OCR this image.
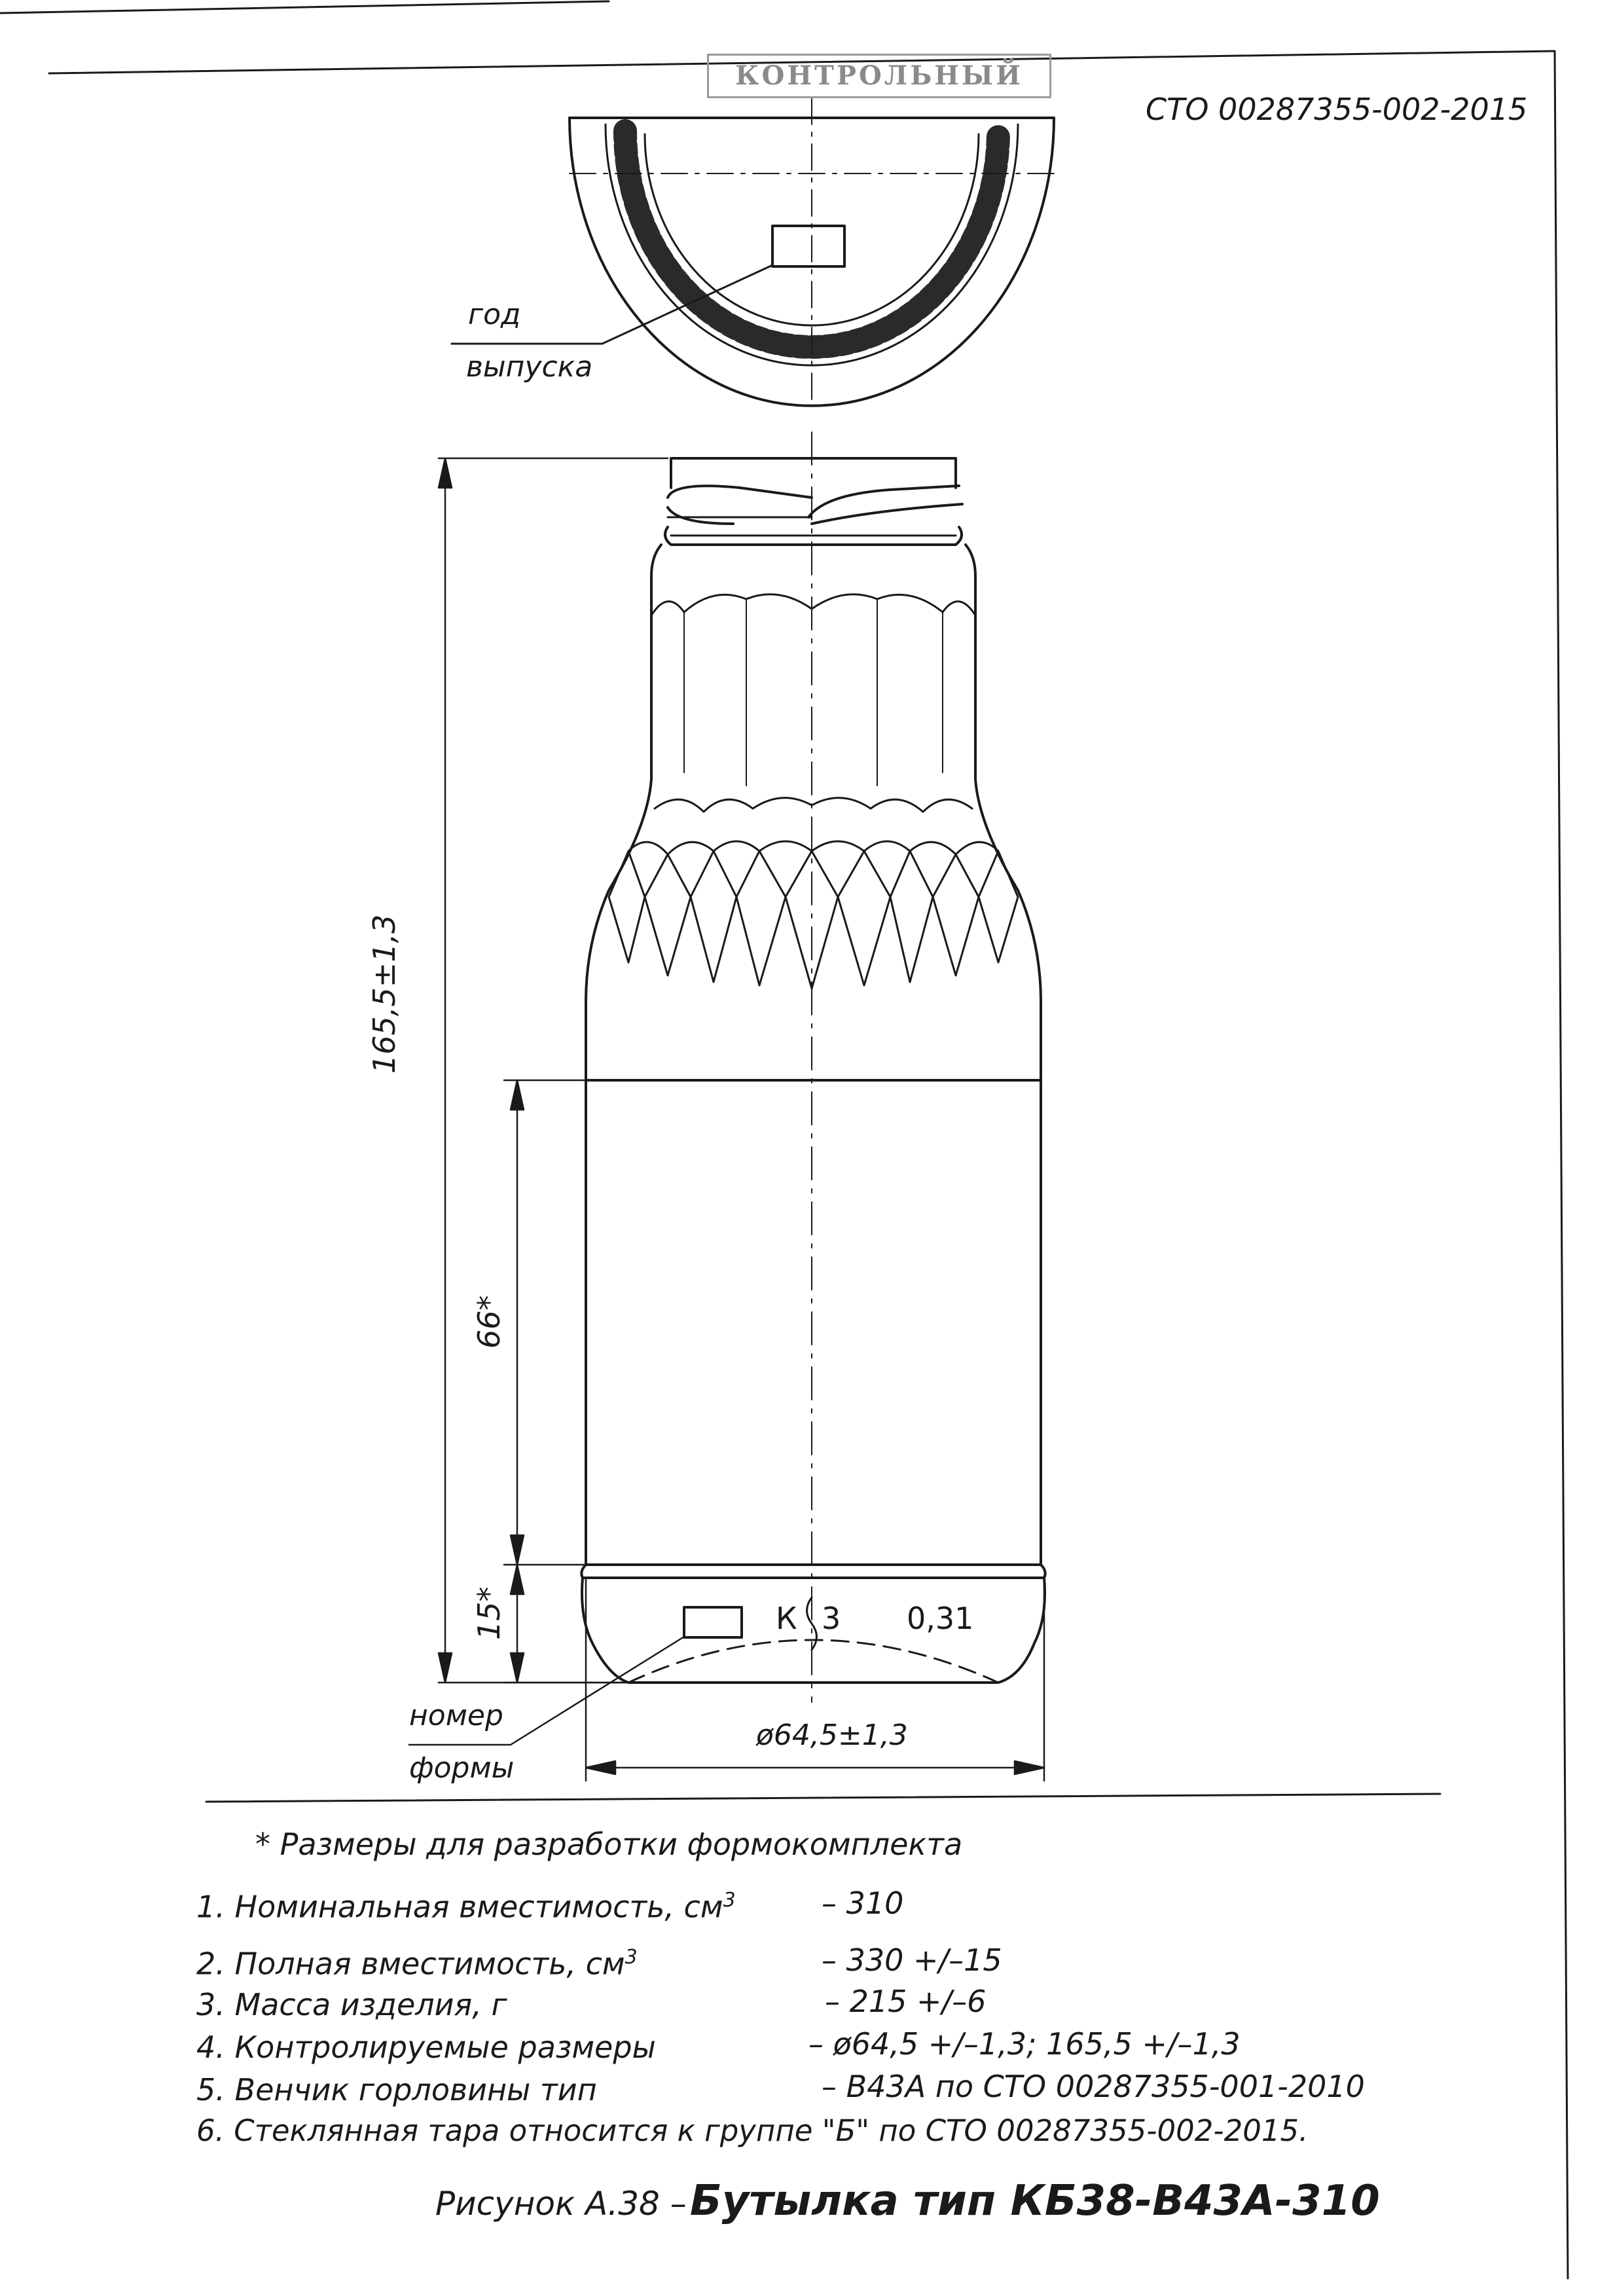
СТО 00287355-002-2015
КОНТРОЛЬНЫЙ
год
выпуска
номер
формы
К 3 0,31
165,5±1,3
66*
15*
ø64,5±1,3
* Размеры для разработки формокомплекта
1. Номинальная вместимость, $см^3$	– 310
2. Полная вместимость, $см^3$	– 330 +/–15
3. Масса изделия, г	– 215 +/–6
4. Контролируемые размеры	– ø64,5 +/–1,3; 165,5 +/–1,3
5. Венчик горловины тип	– В43А по СТО 00287355-001-2010
6. Стеклянная тара относится к группе "Б" по СТО 00287355-002-2015.
Рисунок А.38 – Бутылка тип КБ38-В43А-310
